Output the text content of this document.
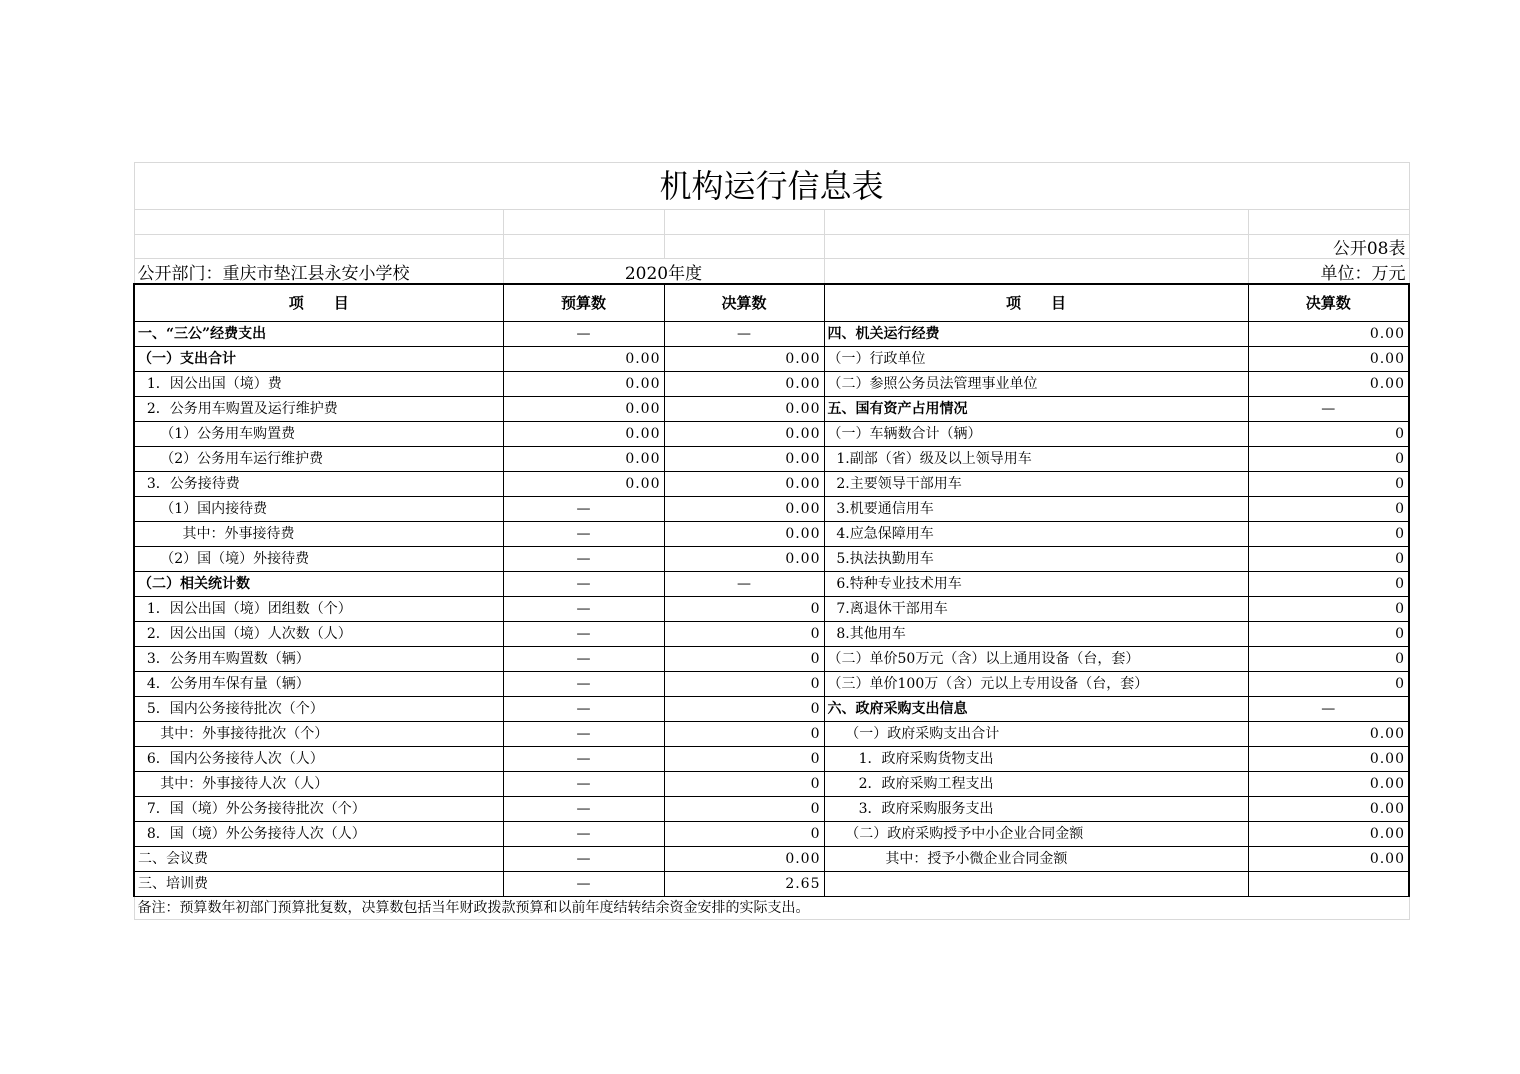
机构运行信息表				

				公开08表
公开部门：重庆市垫江县永安小学校	2020年度			单位：万元
项　　目	预算数	决算数	项　　目	决算数
一、“三公”经费支出	—	—	四、机关运行经费	0.00
（一）支出合计	0.00	0.00	（一）行政单位	0.00
1．因公出国（境）费	0.00	0.00	（二）参照公务员法管理事业单位	0.00
2．公务用车购置及运行维护费	0.00	0.00	五、国有资产占用情况	—
（1）公务用车购置费	0.00	0.00	（一）车辆数合计（辆）	0
（2）公务用车运行维护费	0.00	0.00	1.副部（省）级及以上领导用车	0
3．公务接待费	0.00	0.00	2.主要领导干部用车	0
（1）国内接待费	—	0.00	3.机要通信用车	0
其中：外事接待费	—	0.00	4.应急保障用车	0
（2）国（境）外接待费	—	0.00	5.执法执勤用车	0
（二）相关统计数	—	—	6.特种专业技术用车	0
1．因公出国（境）团组数（个）	—	0	7.离退休干部用车	0
2．因公出国（境）人次数（人）	—	0	8.其他用车	0
3．公务用车购置数（辆）	—	0	（二）单价50万元（含）以上通用设备（台，套）	0
4．公务用车保有量（辆）	—	0	（三）单价100万（含）元以上专用设备（台，套）	0
5．国内公务接待批次（个）	—	0	六、政府采购支出信息	—
其中：外事接待批次（个）	—	0	（一）政府采购支出合计	0.00
6．国内公务接待人次（人）	—	0	1．政府采购货物支出	0.00
其中：外事接待人次（人）	—	0	2．政府采购工程支出	0.00
7．国（境）外公务接待批次（个）	—	0	3．政府采购服务支出	0.00
8．国（境）外公务接待人次（人）	—	0	（二）政府采购授予中小企业合同金额	0.00
二、会议费	—	0.00	其中：授予小微企业合同金额	0.00
三、培训费	—	2.65		
备注：预算数年初部门预算批复数，决算数包括当年财政拨款预算和以前年度结转结余资金安排的实际支出。				
